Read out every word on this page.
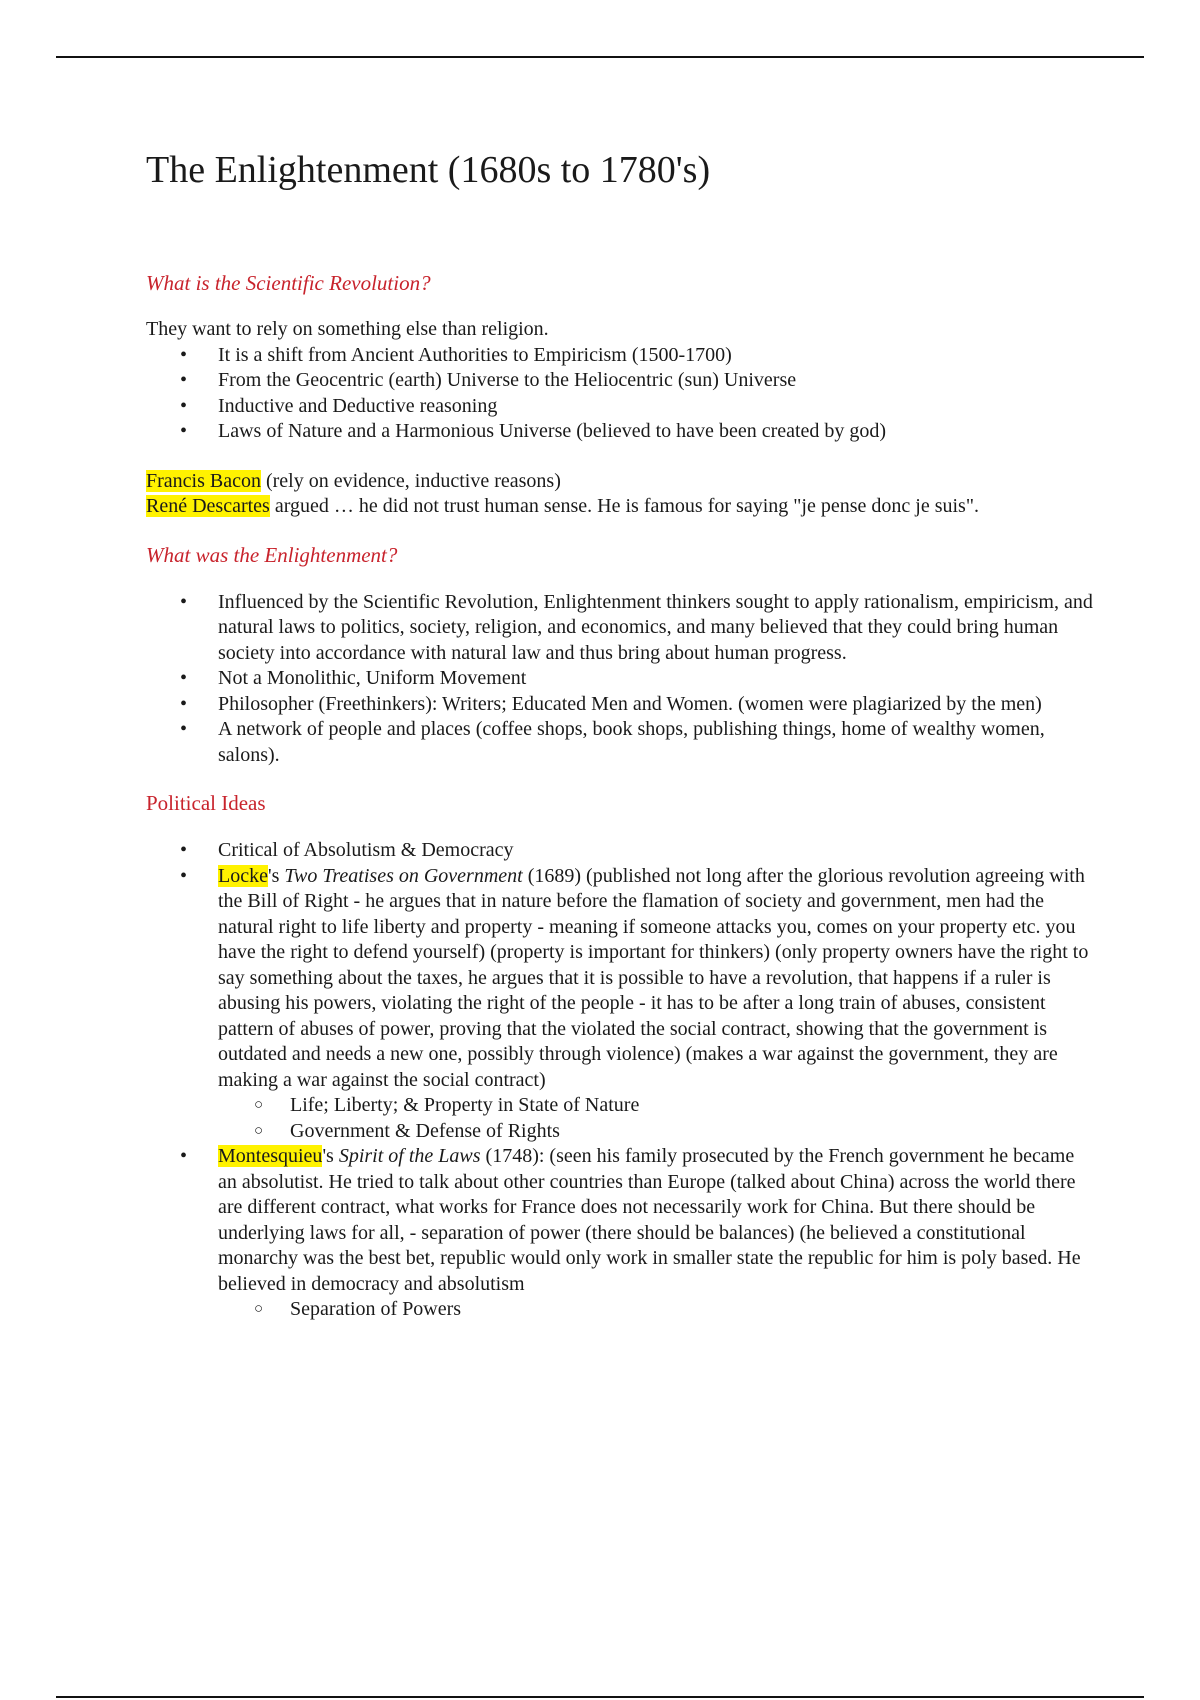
The Enlightenment (1680s to 1780's)

What is the Scientific Revolution?

They want to rely on something else than religion.

• It is a shift from Ancient Authorities to Empiricism (1500-1700)
• From the Geocentric (earth) Universe to the Heliocentric (sun) Universe
• Inductive and Deductive reasoning
• Laws of Nature and a Harmonious Universe (believed to have been created by god)

Francis Bacon (rely on evidence, inductive reasons)

René Descartes argued … he did not trust human sense. He is famous for saying "je pense donc je suis".

What was the Enlightenment?

• Influenced by the Scientific Revolution, Enlightenment thinkers sought to apply rationalism, empiricism, and natural laws to politics, society, religion, and economics, and many believed that they could bring human society into accordance with natural law and thus bring about human progress.
• Not a Monolithic, Uniform Movement
• Philosopher (Freethinkers): Writers; Educated Men and Women. (women were plagiarized by the men)
• A network of people and places (coffee shops, book shops, publishing things, home of wealthy women, salons).

Political Ideas

• Critical of Absolutism & Democracy
• Locke's Two Treatises on Government (1689) (published not long after the glorious revolution agreeing with the Bill of Right - he argues that in nature before the flamation of society and government, men had the natural right to life liberty and property - meaning if someone attacks you, comes on your property etc. you have the right to defend yourself) (property is important for thinkers) (only property owners have the right to say something about the taxes, he argues that it is possible to have a revolution, that happens if a ruler is abusing his powers, violating the right of the people - it has to be after a long train of abuses, consistent pattern of abuses of power, proving that the violated the social contract, showing that the government is outdated and needs a new one, possibly through violence) (makes a war against the government, they are making a war against the social contract)
○ Life; Liberty; & Property in State of Nature
○ Government & Defense of Rights
• Montesquieu's Spirit of the Laws (1748): (seen his family prosecuted by the French government he became an absolutist. He tried to talk about other countries than Europe (talked about China) across the world there are different contract, what works for France does not necessarily work for China. But there should be underlying laws for all, - separation of power (there should be balances) (he believed a constitutional monarchy was the best bet, republic would only work in smaller state the republic for him is poly based. He believed in democracy and absolutism
○ Separation of Powers
